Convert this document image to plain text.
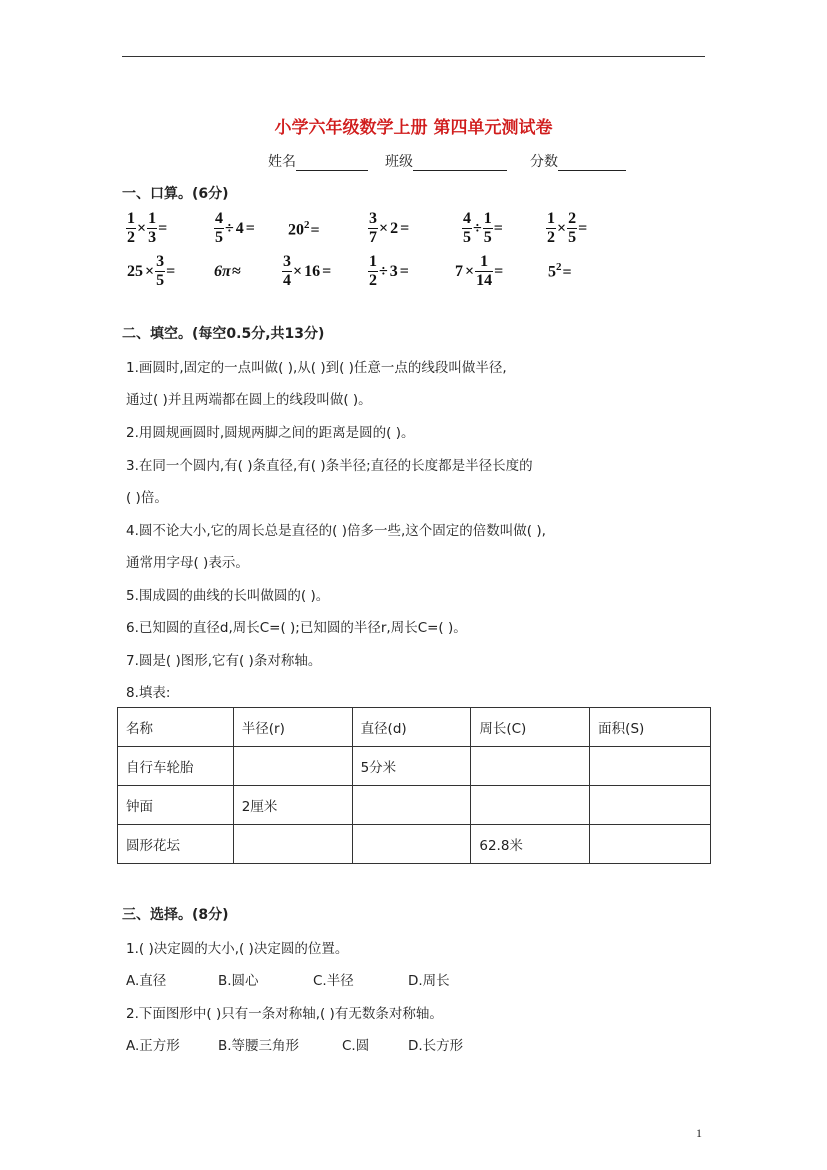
小学六年级数学上册 第四单元测试卷
姓名	班级	分数
一、口算。(6分)
$\frac{1}{2} \times \frac{1}{3}$ =	$\frac{4}{5} \div 4 = 20^2=$	$\frac{3}{7} \times 2$ =	$\frac{4}{5} \div \frac{1}{5}$ =	$\frac{1}{2} \times \frac{2}{5}$ =
$25 \times \frac{3}{5} = 6\pi\approx$	$\frac{3}{4} \times 16 = \frac{1}{2} \div 3$ =	$7 \times \frac{1}{14}$ =	$5^2=$
二、填空。(每空0.5分,共13分)
1.画圆时,固定的一点叫做( ),从( )到( )任意一点的线段叫做半径,
通过( )并且两端都在圆上的线段叫做( )。
2.用圆规画圆时,圆规两脚之间的距离是圆的( )。
3.在同一个圆内,有( )条直径,有( )条半径;直径的长度都是半径长度的
( )倍。
4.圆不论大小,它的周长总是直径的( )倍多一些,这个固定的倍数叫做( ),
通常用字母( )表示。
5.围成圆的曲线的长叫做圆的( )。
6.已知圆的直径d,周长C=( );已知圆的半径r,周长C=( )。
7.圆是( )图形,它有( )条对称轴。
8.填表:
名称	半径(r)	直径(d)	周长(C)	面积(S)
自行车轮胎		5分米		
钟面	2厘米			
圆形花坛			62.8米	
三、选择。(8分)
1.( )决定圆的大小,( )决定圆的位置。
A.直径	B.圆心	C.半径	D.周长
2.下面图形中( )只有一条对称轴,( )有无数条对称轴。
A.正方形	B.等腰三角形	C.圆	D.长方形
1
